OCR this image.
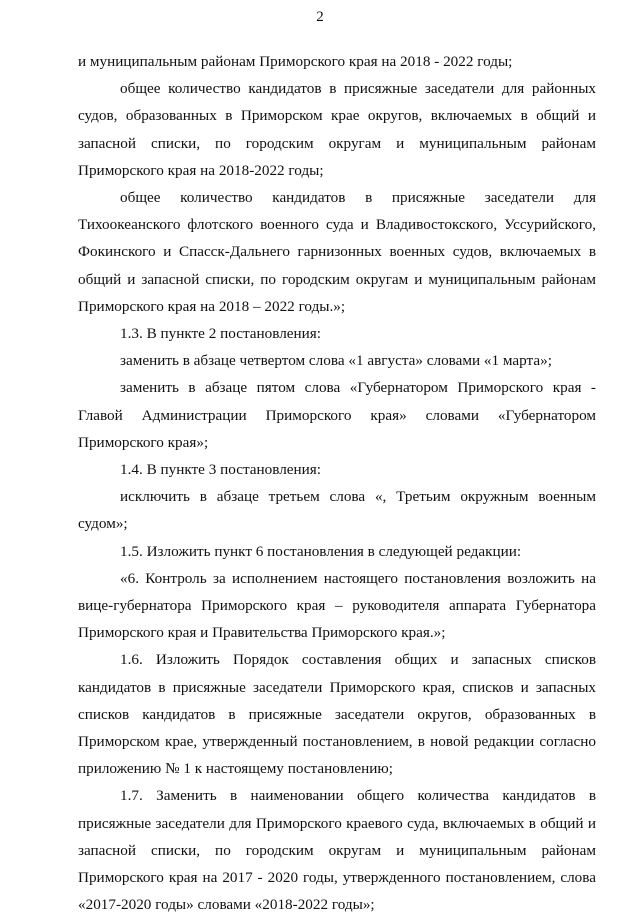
2

и муниципальным районам Приморского края на 2018 - 2022 годы;

общее количество кандидатов в присяжные заседатели для районных судов, образованных в Приморском крае округов, включаемых в общий и запасной списки, по городским округам и муниципальным районам Приморского края на 2018-2022 годы;

общее количество кандидатов в присяжные заседатели для Тихоокеанского флотского военного суда и Владивостокского, Уссурийского, Фокинского и Спасск-Дальнего гарнизонных военных судов, включаемых в общий и запасной списки, по городским округам и муниципальным районам Приморского края на 2018 – 2022 годы.»;

1.3. В пункте 2 постановления:

заменить в абзаце четвертом слова «1 августа» словами «1 марта»;

заменить в абзаце пятом слова «Губернатором Приморского края - Главой Администрации Приморского края» словами «Губернатором Приморского края»;

1.4. В пункте 3 постановления:

исключить в абзаце третьем слова «, Третьим окружным военным судом»;

1.5. Изложить пункт 6 постановления в следующей редакции:

«6. Контроль за исполнением настоящего постановления возложить на вице-губернатора Приморского края – руководителя аппарата Губернатора Приморского края и Правительства Приморского края.»;

1.6. Изложить Порядок составления общих и запасных списков кандидатов в присяжные заседатели Приморского края, списков и запасных списков кандидатов в присяжные заседатели округов, образованных в Приморском крае, утвержденный постановлением, в новой редакции согласно приложению № 1 к настоящему постановлению;

1.7. Заменить в наименовании общего количества кандидатов в присяжные заседатели для Приморского краевого суда, включаемых в общий и запасной списки, по городским округам и муниципальным районам Приморского края на 2017 - 2020 годы, утвержденного постановлением, слова «2017-2020 годы» словами «2018-2022 годы»;
